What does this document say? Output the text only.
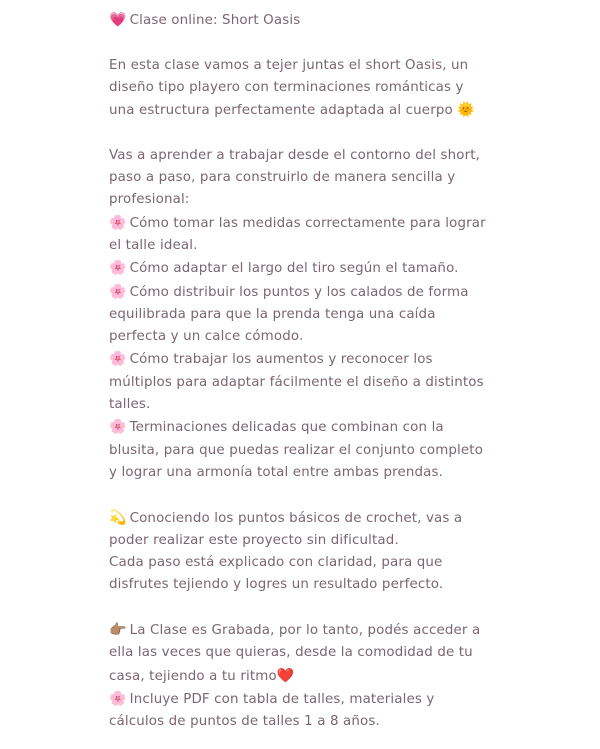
💗 Clase online: Short Oasis

En esta clase vamos a tejer juntas el short Oasis, un diseño tipo playero con terminaciones románticas y una estructura perfectamente adaptada al cuerpo 🌞

Vas a aprender a trabajar desde el contorno del short, paso a paso, para construirlo de manera sencilla y profesional:

🌸 Cómo tomar las medidas correctamente para lograr el talle ideal.

🌸 Cómo adaptar el largo del tiro según el tamaño.

🌸 Cómo distribuir los puntos y los calados de forma equilibrada para que la prenda tenga una caída perfecta y un calce cómodo.

🌸 Cómo trabajar los aumentos y reconocer los múltiplos para adaptar fácilmente el diseño a distintos talles.

🌸 Terminaciones delicadas que combinan con la blusita, para que puedas realizar el conjunto completo y lograr una armonía total entre ambas prendas.

💫 Conociendo los puntos básicos de crochet, vas a poder realizar este proyecto sin dificultad.

Cada paso está explicado con claridad, para que disfrutes tejiendo y logres un resultado perfecto.

👉🏽 La Clase es Grabada, por lo tanto, podés acceder a ella las veces que quieras, desde la comodidad de tu casa, tejiendo a tu ritmo❤️

🌸 Incluye PDF con tabla de talles, materiales y cálculos de puntos de talles 1 a 8 años.
